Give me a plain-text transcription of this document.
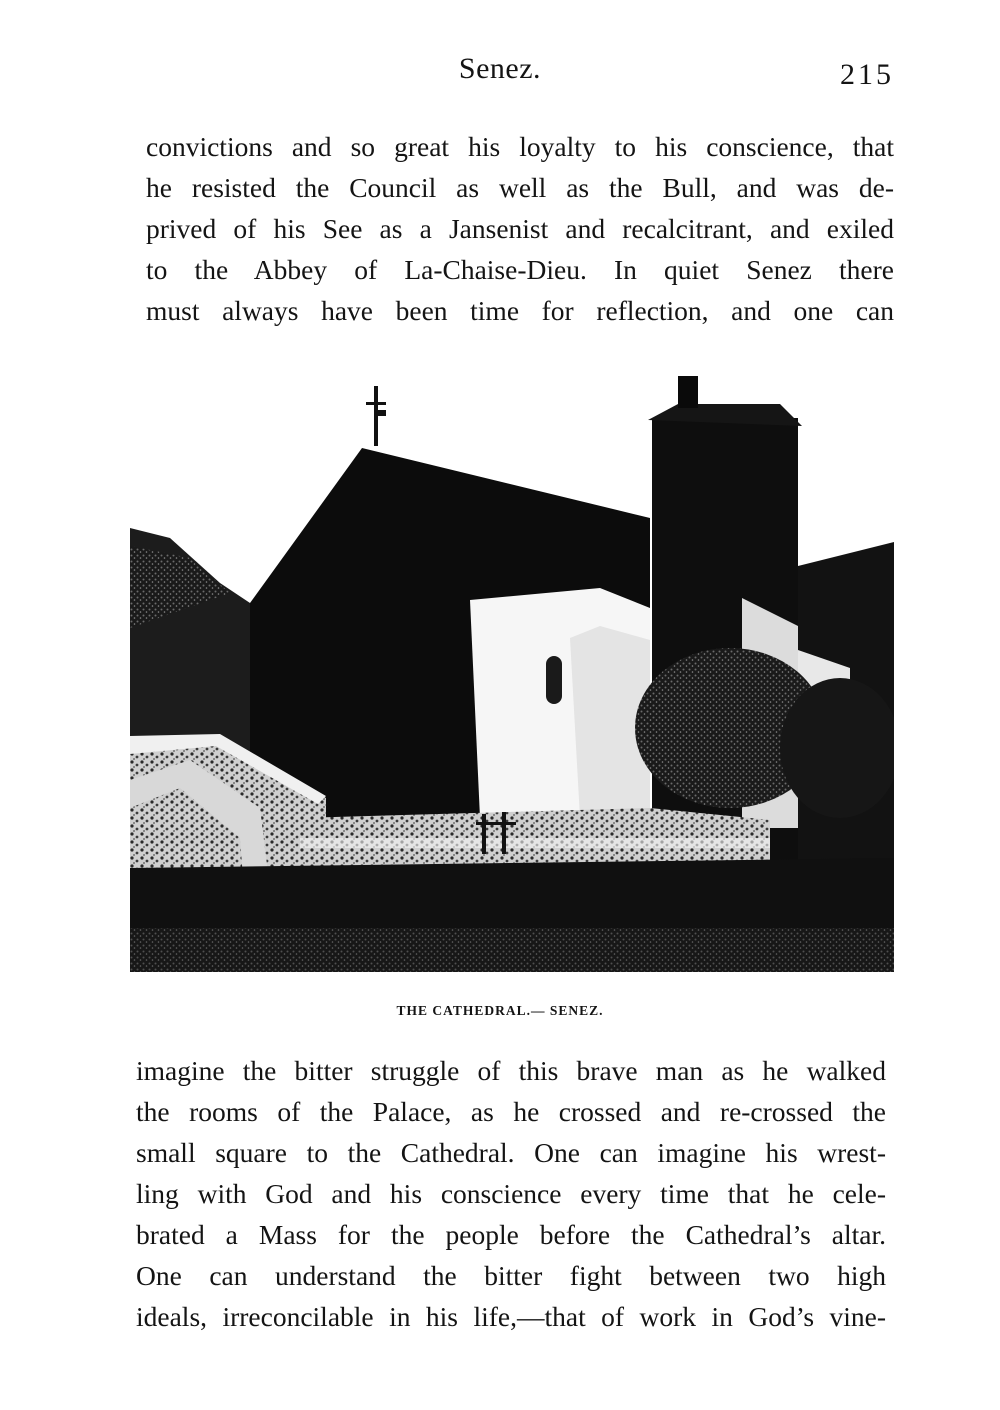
Senez.	215
convictions and so great his loyalty to his conscience, that
he resisted the Council as well as the Bull, and was de-
prived of his See as a Jansenist and recalcitrant, and exiled
to the Abbey of La-Chaise-Dieu. In quiet Senez there
must always have been time for reflection, and one can
THE CATHEDRAL.— SENEZ.
imagine the bitter struggle of this brave man as he walked
the rooms of the Palace, as he crossed and re-crossed the
small square to the Cathedral. One can imagine his wrest-
ling with God and his conscience every time that he cele-
brated a Mass for the people before the Cathedral’s altar.
One can understand the bitter fight between two high
ideals, irreconcilable in his life,—that of work in God’s vine-
